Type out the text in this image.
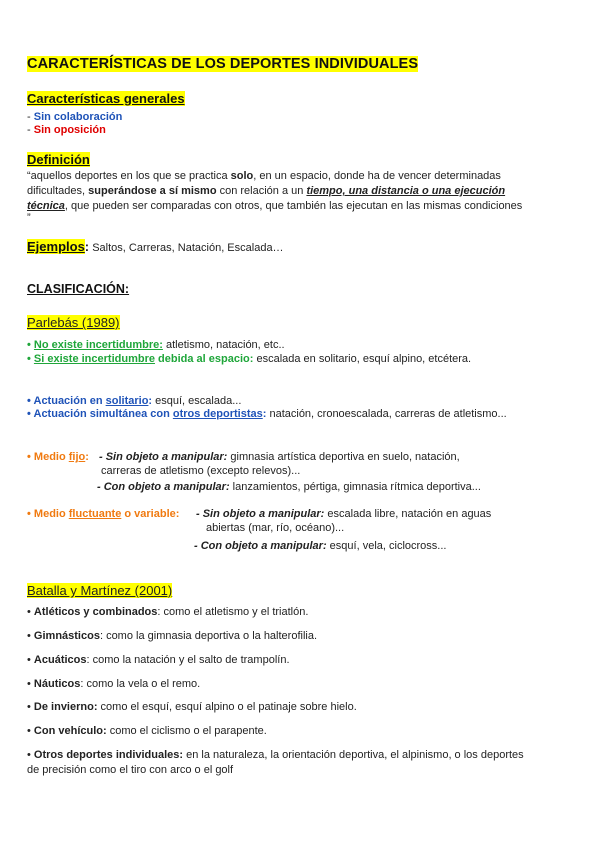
CARACTERÍSTICAS DE LOS DEPORTES INDIVIDUALES
Características generales
- Sin colaboración
- Sin oposición
Definición
“aquellos deportes en los que se practica solo, en un espacio, donde ha de vencer determinadas
dificultades, superándose a sí mismo con relación a un tiempo, una distancia o una ejecución
técnica, que pueden ser comparadas con otros, que también las ejecutan en las mismas condiciones
”
Ejemplos: Saltos, Carreras, Natación, Escalada…
CLASIFICACIÓN:
Parlebás (1989)
• No existe incertidumbre: atletismo, natación, etc..
• Si existe incertidumbre debida al espacio: escalada en solitario, esquí alpino, etcétera.
• Actuación en solitario: esquí, escalada...
• Actuación simultánea con otros deportistas: natación, cronoescalada, carreras de atletismo...
• Medio fijo: - Sin objeto a manipular: gimnasia artística deportiva en suelo, natación,
carreras de atletismo (excepto relevos)...
- Con objeto a manipular: lanzamientos, pértiga, gimnasia rítmica deportiva...
• Medio fluctuante o variable: - Sin objeto a manipular: escalada libre, natación en aguas
abiertas (mar, río, océano)...
- Con objeto a manipular: esquí, vela, ciclocross...
Batalla y Martínez (2001)
• Atléticos y combinados: como el atletismo y el triatlón.
• Gimnásticos: como la gimnasia deportiva o la halterofilia.
• Acuáticos: como la natación y el salto de trampolín.
• Náuticos: como la vela o el remo.
• De invierno: como el esquí, esquí alpino o el patinaje sobre hielo.
• Con vehículo: como el ciclismo o el parapente.
• Otros deportes individuales: en la naturaleza, la orientación deportiva, el alpinismo, o los deportes
de precisión como el tiro con arco o el golf
